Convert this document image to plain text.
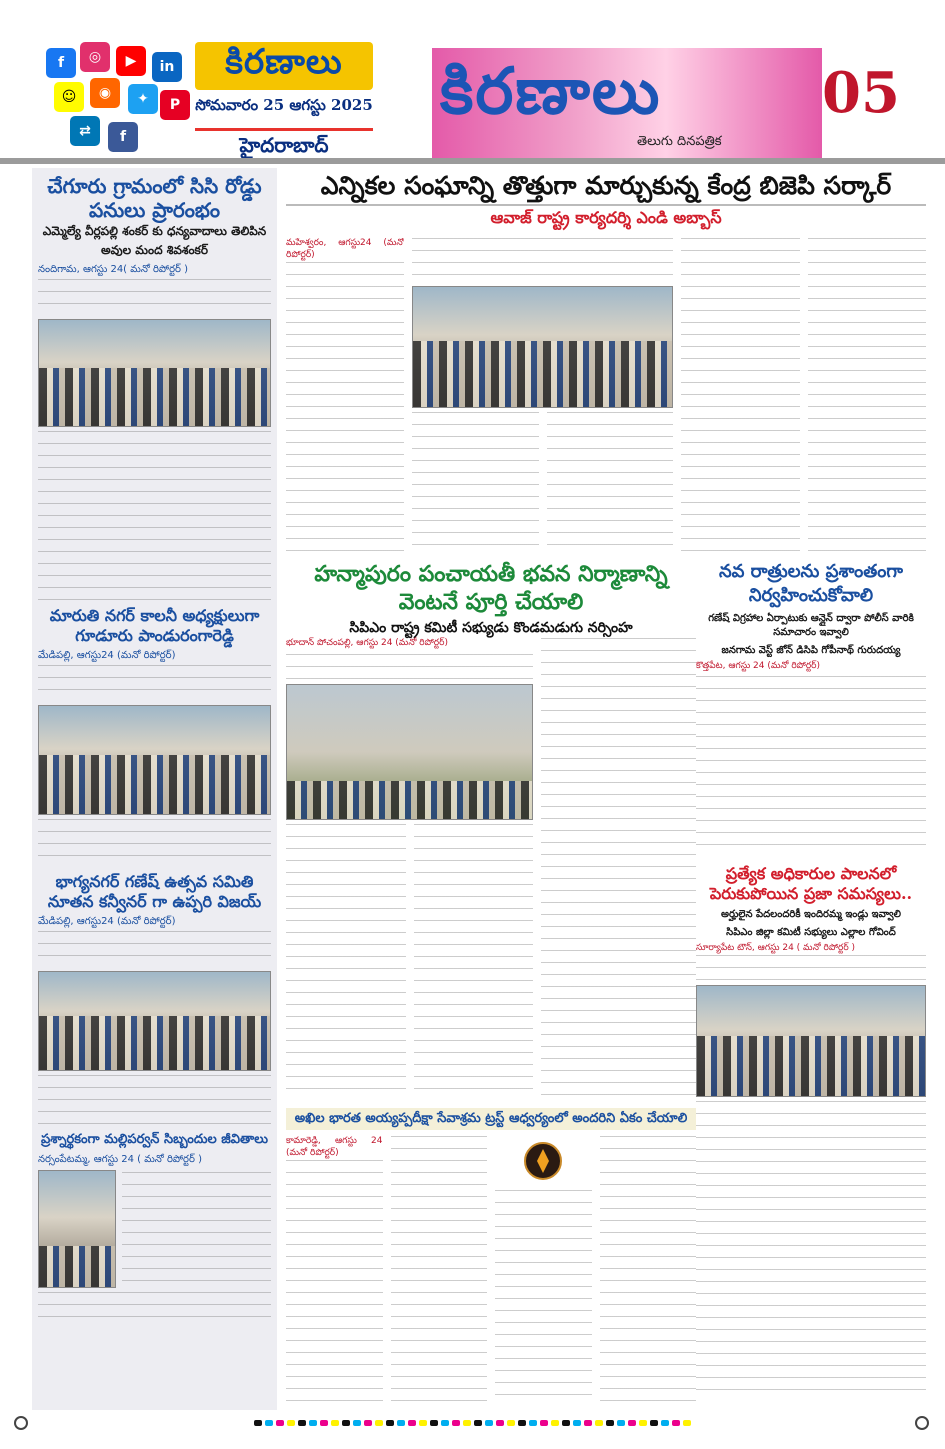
f	◎	▶	in
☺	◉	✦	P
⇄	f
కిరణాలు
సోమవారం 25 ఆగస్టు 2025
హైదరాబాద్
కిరణాలు
తెలుగు దినపత్రిక
05
చేగూరు గ్రామంలో సిసి రోడ్డు పనులు ప్రారంభం
ఎమ్మెల్యే వీర్లపల్లి శంకర్ కు ధన్యవాదాలు తెలిపిన
అవుల మంద శివశంకర్
నందిగామ, ఆగస్టు 24( మనో రిపోర్టర్ )
మారుతి నగర్ కాలనీ అధ్యక్షులుగా
గూడూరు పాండురంగారెడ్డి
మేడిపల్లి, ఆగస్టు24 (మనో రిపోర్టర్)
భాగ్యనగర్ గణేష్ ఉత్సవ సమితి
నూతన కన్వీనర్ గా ఉప్పరి విజయ్
మేడిపల్లి, ఆగస్టు24 (మనో రిపోర్టర్)
ప్రశ్నార్థకంగా మల్లిపర్వన్ సిబ్బందుల జీవితాలు
నర్సంపేటమ్మ, ఆగస్టు 24 ( మనో రిపోర్టర్ )
ఎన్నికల సంఘాన్ని తొత్తుగా మార్చుకున్న కేంద్ర బిజెపి సర్కార్
ఆవాజ్ రాష్ట్ర కార్యదర్శి ఎండి అబ్బాస్
మహేశ్వరం, ఆగస్టు24 (మనో రిపోర్టర్)
హన్మాపురం పంచాయతీ భవన నిర్మాణాన్ని
వెంటనే పూర్తి చేయాలి
సిపిఎం రాష్ట్ర కమిటీ సభ్యుడు కొండమడుగు నర్సింహ
భూదాన్ పోచంపల్లి, ఆగస్టు 24 (మనో రిపోర్టర్)
నవ రాత్రులను ప్రశాంతంగా
నిర్వహించుకోవాలి
గణేష్ విగ్రహాల ఏర్పాటుకు ఆన్లైన్ ద్వారా పోలీస్ వారికి సమాచారం ఇవ్వాలి
జనగామ వెస్ట్ జోన్ డిసిపి గోపీనాథ్ గురుదయ్య
కొత్తపేట, ఆగస్టు 24 (మనో రిపోర్టర్)
ప్రత్యేక అధికారుల పాలనలో
పెరుకుపోయిన ప్రజా సమస్యలు..
అర్హులైన పేదలందరికీ ఇందిరమ్మ ఇండ్లు ఇవ్వాలి
సిపిఎం జిల్లా కమిటీ సభ్యులు ఎల్లాల గోవింద్
సూర్యాపేట టౌన్, ఆగస్టు 24 ( మనో రిపోర్టర్ )
అఖిల భారత అయ్యప్పదీక్షా సేవాశ్రమ ట్రస్ట్ ఆధ్వర్యంలో అందరిని ఏకం చేయాలి
కామారెడ్డి, ఆగస్టు 24 (మనో రిపోర్టర్)
